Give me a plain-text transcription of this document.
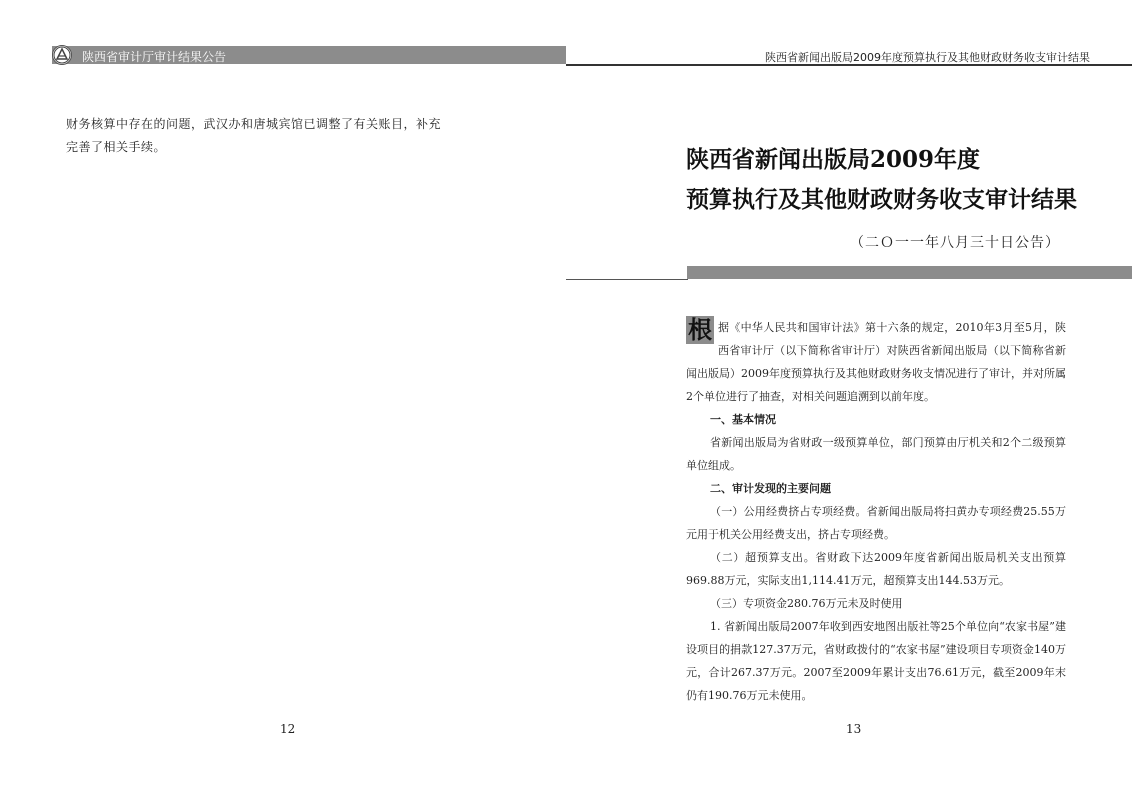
陕西省审计厅审计结果公告	陕西省新闻出版局2009年度预算执行及其他财政财务收支审计结果

财务核算中存在的问题，武汉办和唐城宾馆已调整了有关账目，补充

完善了相关手续。

12
陕西省新闻出版局2009年度
预算执行及其他财政财务收支审计结果
（二Ｏ一一年八月三十日公告）

根 据《中华人民共和国审计法》第十六条的规定，2010年3月至5月，陕西省审计厅（以下简称省审计厅）对陕西省新闻出版局（以下简称省新闻出版局）2009年度预算执行及其他财政财务收支情况进行了审计，并对所属2个单位进行了抽查，对相关问题追溯到以前年度。

一、基本情况

省新闻出版局为省财政一级预算单位，部门预算由厅机关和2个二级预算单位组成。

二、审计发现的主要问题

（一）公用经费挤占专项经费。省新闻出版局将扫黄办专项经费25.55万元用于机关公用经费支出，挤占专项经费。

（二）超预算支出。省财政下达2009年度省新闻出版局机关支出预算969.88万元，实际支出1,114.41万元，超预算支出144.53万元。

（三）专项资金280.76万元未及时使用

1. 省新闻出版局2007年收到西安地图出版社等25个单位向“农家书屋”建设项目的捐款127.37万元，省财政拨付的“农家书屋”建设项目专项资金140万元，合计267.37万元。2007至2009年累计支出76.61万元，截至2009年末仍有190.76万元未使用。

13
